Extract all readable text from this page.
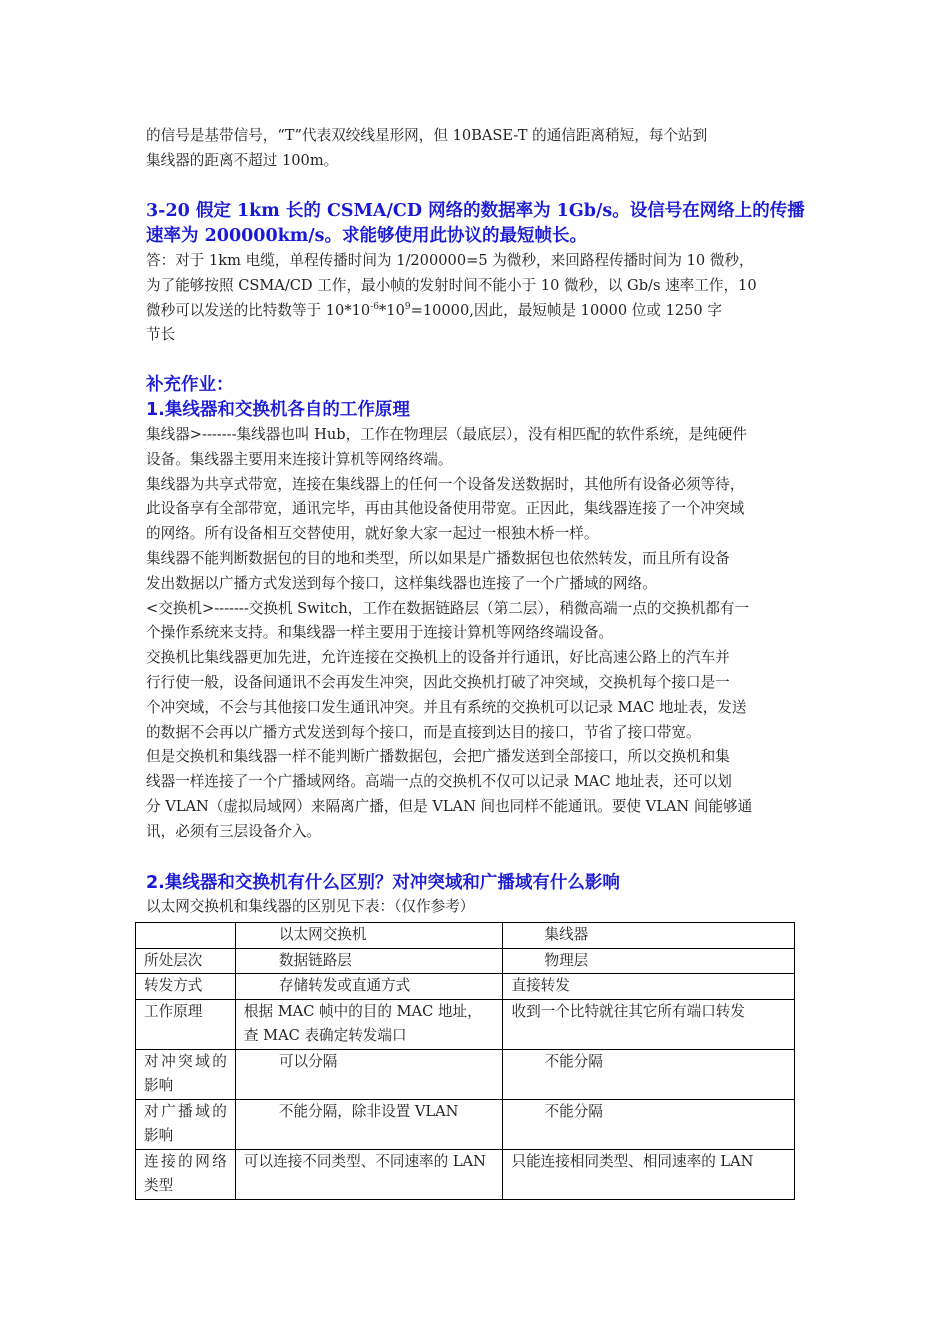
的信号是基带信号，“T”代表双绞线星形网，但 10BASE-T 的通信距离稍短，每个站到
集线器的距离不超过 100m。
3-20 假定 1km 长的 CSMA/CD 网络的数据率为 1Gb/s。设信号在网络上的传播
速率为 200000km/s。求能够使用此协议的最短帧长。
答：对于 1km 电缆，单程传播时间为 1/200000=5 为微秒，来回路程传播时间为 10 微秒，
为了能够按照 CSMA/CD 工作，最小帧的发射时间不能小于 10 微秒，以 Gb/s 速率工作，10
微秒可以发送的比特数等于 $10*10^{-6}*10^9=10000$,因此，最短帧是 10000 位或 1250 字
节长
补充作业：
1.集线器和交换机各自的工作原理
集线器>-------集线器也叫 Hub，工作在物理层（最底层），没有相匹配的软件系统，是纯硬件
设备。集线器主要用来连接计算机等网络终端。
集线器为共享式带宽，连接在集线器上的任何一个设备发送数据时，其他所有设备必须等待，
此设备享有全部带宽，通讯完毕，再由其他设备使用带宽。正因此，集线器连接了一个冲突域
的网络。所有设备相互交替使用，就好象大家一起过一根独木桥一样。
集线器不能判断数据包的目的地和类型，所以如果是广播数据包也依然转发，而且所有设备
发出数据以广播方式发送到每个接口，这样集线器也连接了一个广播域的网络。
<交换机>-------交换机 Switch，工作在数据链路层（第二层），稍微高端一点的交换机都有一
个操作系统来支持。和集线器一样主要用于连接计算机等网络终端设备。
交换机比集线器更加先进，允许连接在交换机上的设备并行通讯，好比高速公路上的汽车并
行行使一般，设备间通讯不会再发生冲突，因此交换机打破了冲突域，交换机每个接口是一
个冲突域，不会与其他接口发生通讯冲突。并且有系统的交换机可以记录 MAC 地址表，发送
的数据不会再以广播方式发送到每个接口，而是直接到达目的接口，节省了接口带宽。
但是交换机和集线器一样不能判断广播数据包，会把广播发送到全部接口，所以交换机和集
线器一样连接了一个广播域网络。高端一点的交换机不仅可以记录 MAC 地址表，还可以划
分 VLAN（虚拟局域网）来隔离广播，但是 VLAN 间也同样不能通讯。要使 VLAN 间能够通
讯，必须有三层设备介入。
2.集线器和交换机有什么区别？对冲突域和广播域有什么影响
以太网交换机和集线器的区别见下表：（仅作参考）
	以太网交换机	集线器
所处层次	数据链路层	物理层
转发方式	存储转发或直通方式	直接转发
工作原理	根据 MAC 帧中的目的 MAC 地址，查 MAC 表确定转发端口	收到一个比特就往其它所有端口转发
对冲突域的影响	可以分隔	不能分隔
对广播域的影响	不能分隔，除非设置 VLAN	不能分隔
连接的网络类型	可以连接不同类型、不同速率的 LAN	只能连接相同类型、相同速率的 LAN
